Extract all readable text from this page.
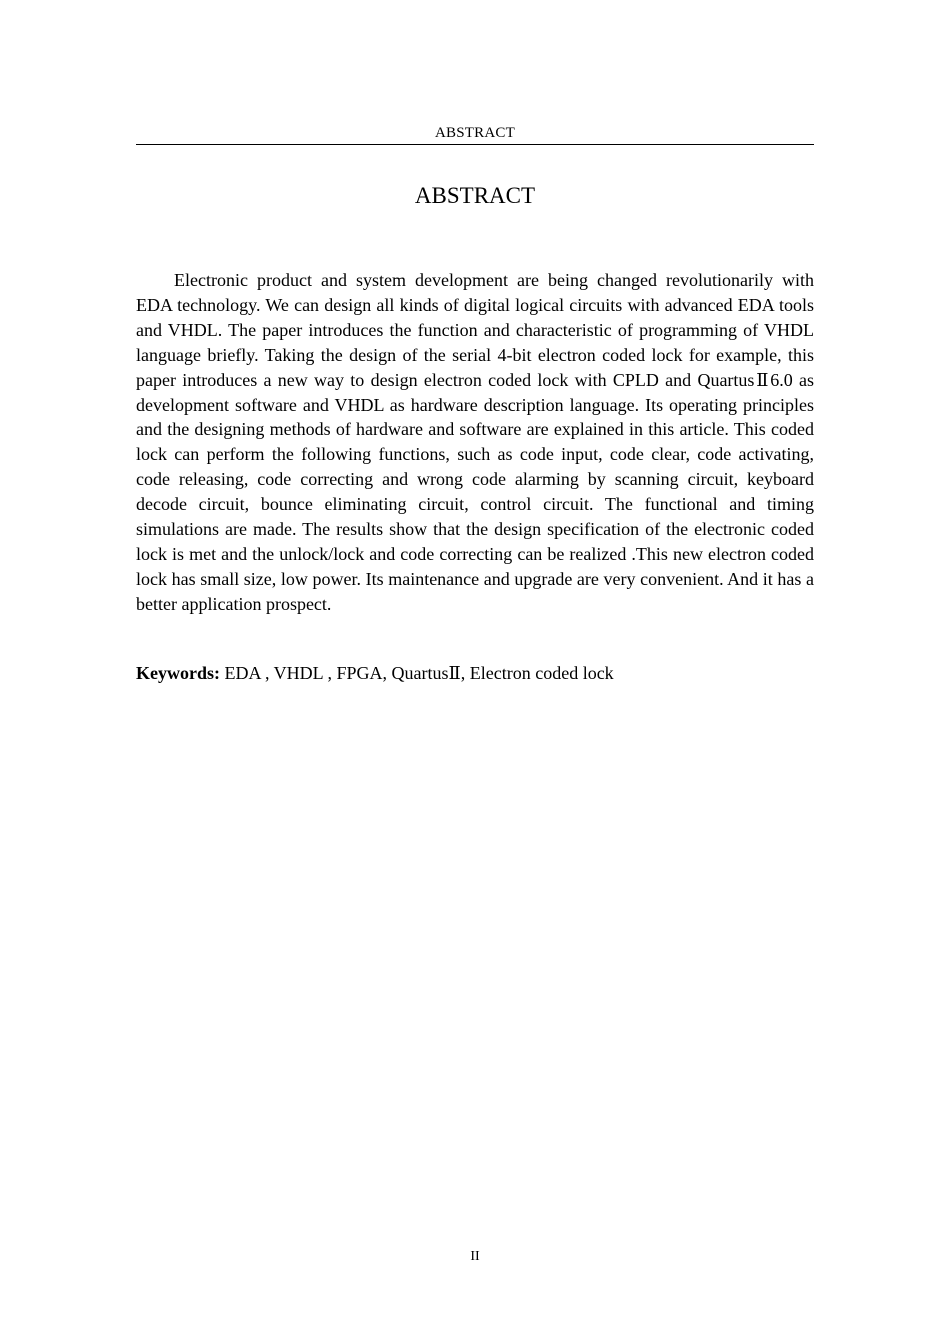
ABSTRACT
ABSTRACT

Electronic product and system development are being changed revolutionarily with EDA technology. We can design all kinds of digital logical circuits with advanced EDA tools and VHDL. The paper introduces the function and characteristic of programming of VHDL language briefly. Taking the design of the serial 4-bit electron coded lock for example, this paper introduces a new way to design electron coded lock with CPLD and QuartusⅡ6.0 as development software and VHDL as hardware description language. Its operating principles and the designing methods of hardware and software are explained in this article. This coded lock can perform the following functions, such as code input, code clear, code activating, code releasing, code correcting and wrong code alarming by scanning circuit, keyboard decode circuit, bounce eliminating circuit, control circuit. The functional and timing simulations are made. The results show that the design specification of the electronic coded lock is met and the unlock/lock and code correcting can be realized .This new electron coded lock has small size, low power. Its maintenance and upgrade are very convenient. And it has a better application prospect.

Keywords: EDA , VHDL , FPGA, QuartusⅡ, Electron coded lock

II
